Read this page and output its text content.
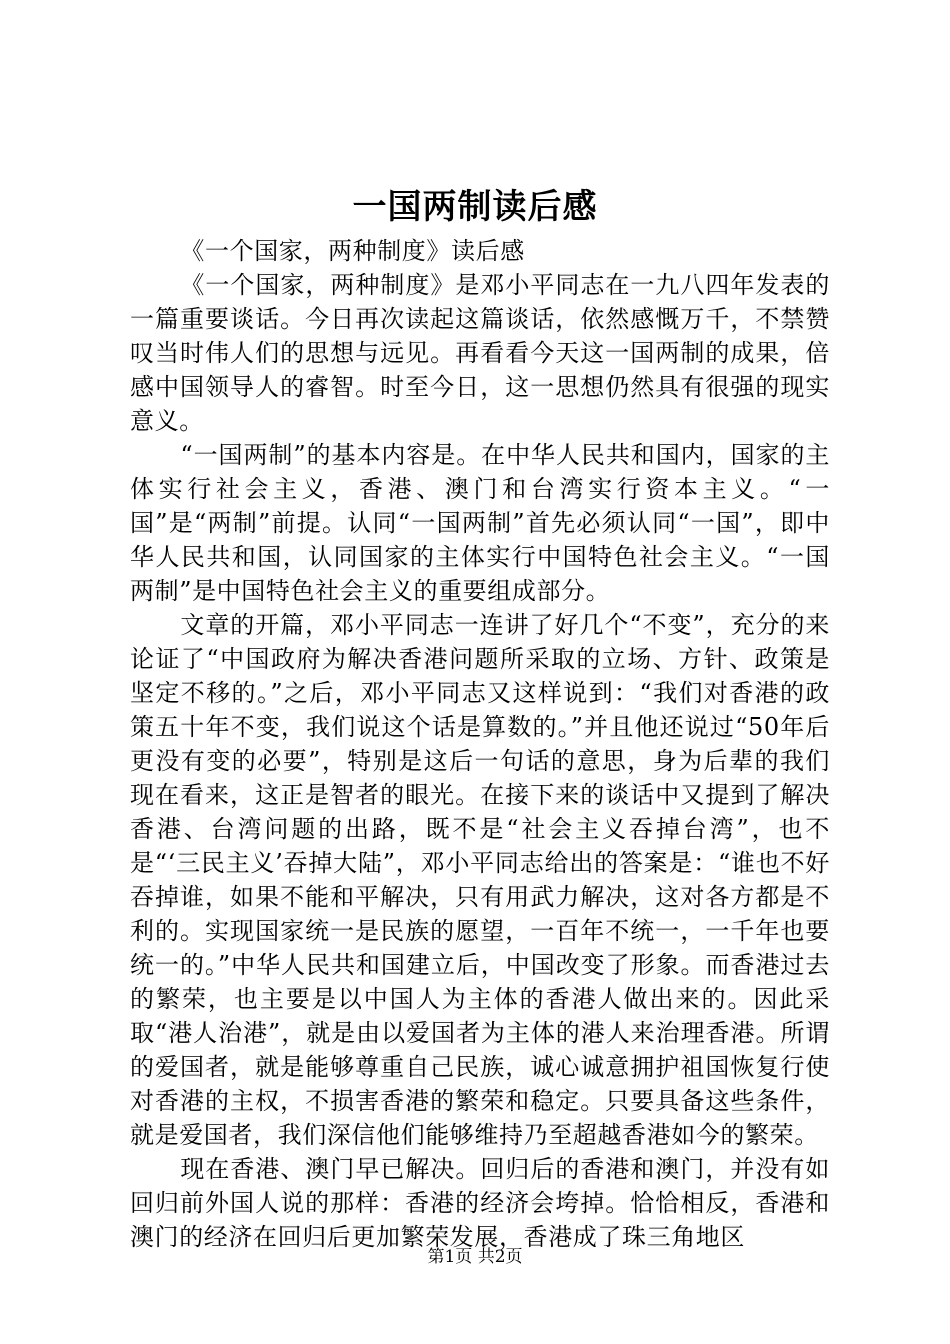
一国两制读后感

《一个国家，两种制度》读后感

《一个国家，两种制度》是邓小平同志在一九八四年发表的一篇重要谈话。今日再次读起这篇谈话，依然感慨万千，不禁赞叹当时伟人们的思想与远见。再看看今天这一国两制的成果，倍感中国领导人的睿智。时至今日，这一思想仍然具有很强的现实意义。

“一国两制”的基本内容是。在中华人民共和国内，国家的主体实行社会主义，香港、澳门和台湾实行资本主义。“一国”是“两制”前提。认同“一国两制”首先必须认同“一国”，即中华人民共和国，认同国家的主体实行中国特色社会主义。“一国两制”是中国特色社会主义的重要组成部分。

文章的开篇，邓小平同志一连讲了好几个“不变”，充分的来论证了“中国政府为解决香港问题所采取的立场、方针、政策是坚定不移的。”之后，邓小平同志又这样说到：“我们对香港的政策五十年不变，我们说这个话是算数的。”并且他还说过“50年后更没有变的必要”，特别是这后一句话的意思，身为后辈的我们现在看来，这正是智者的眼光。在接下来的谈话中又提到了解决香港、台湾问题的出路，既不是“社会主义吞掉台湾”，也不是“‘三民主义’吞掉大陆”，邓小平同志给出的答案是：“谁也不好吞掉谁，如果不能和平解决，只有用武力解决，这对各方都是不利的。实现国家统一是民族的愿望，一百年不统一，一千年也要统一的。”中华人民共和国建立后，中国改变了形象。而香港过去的繁荣，也主要是以中国人为主体的香港人做出来的。因此采取“港人治港”，就是由以爱国者为主体的港人来治理香港。所谓的爱国者，就是能够尊重自己民族，诚心诚意拥护祖国恢复行使对香港的主权，不损害香港的繁荣和稳定。只要具备这些条件，就是爱国者，我们深信他们能够维持乃至超越香港如今的繁荣。

现在香港、澳门早已解决。回归后的香港和澳门，并没有如回归前外国人说的那样：香港的经济会垮掉。恰恰相反，香港和澳门的经济在回归后更加繁荣发展，香港成了珠三角地区

第1页 共2页
